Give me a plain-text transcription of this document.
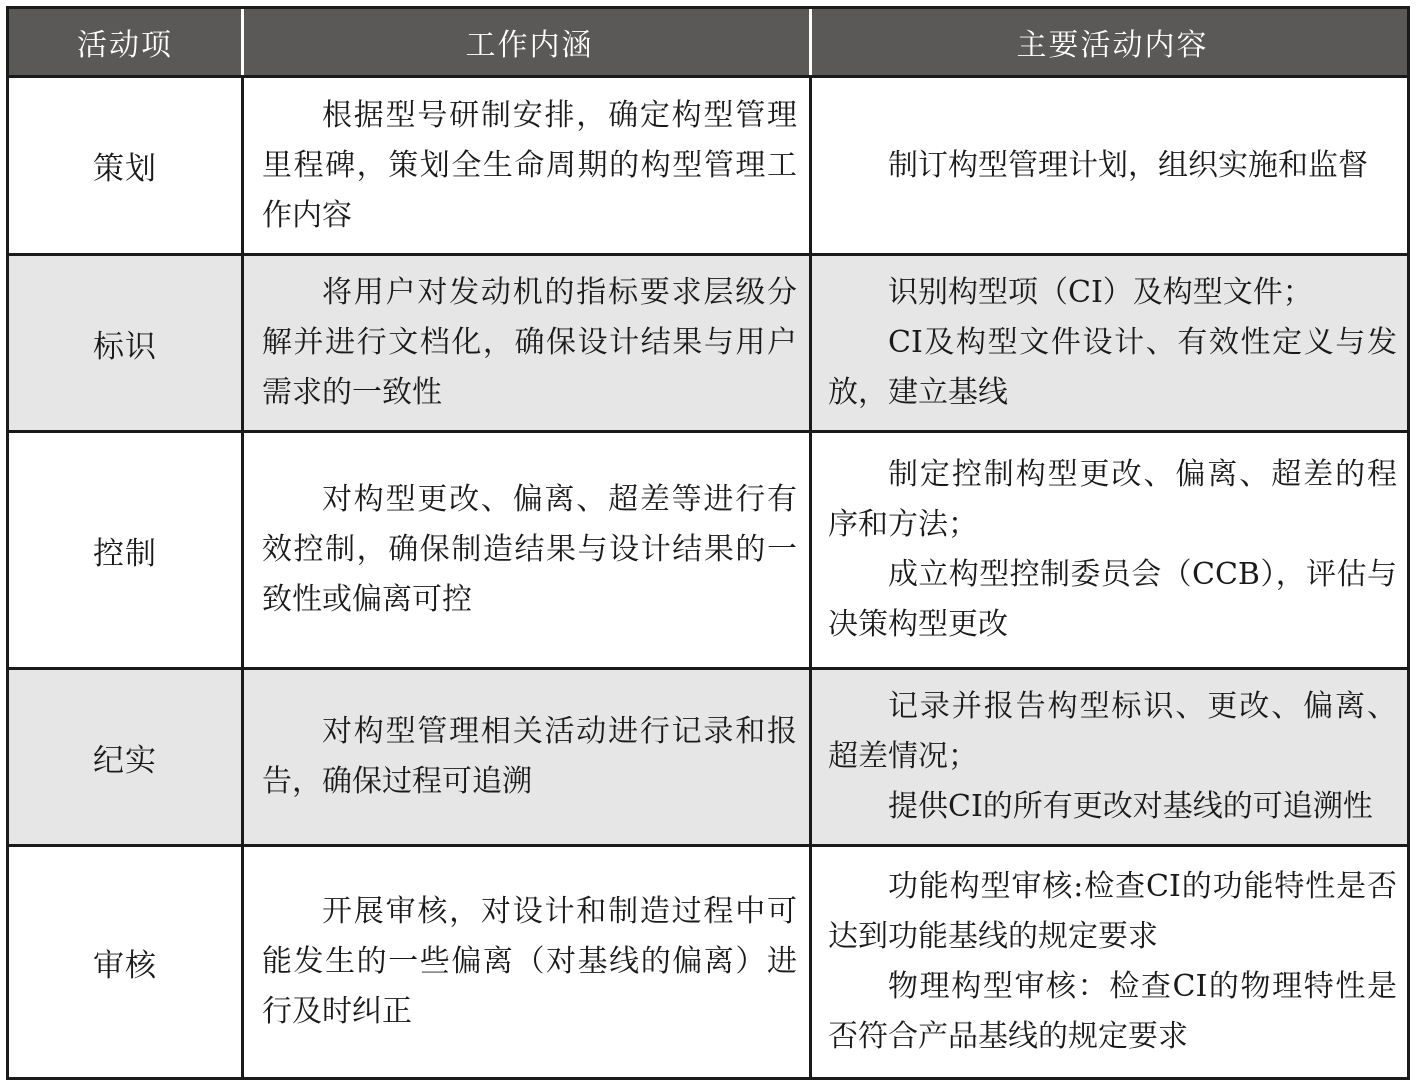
活动项	工作内涵	主要活动内容
策划

根据型号研制安排，确定构型管理里程碑，策划全生命周期的构型管理工作内容

制订构型管理计划，组织实施和监督

标识

将用户对发动机的指标要求层级分解并进行文档化，确保设计结果与用户需求的一致性

识别构型项（CI）及构型文件；

CI及构型文件设计、有效性定义与发放，建立基线

控制

对构型更改、偏离、超差等进行有效控制，确保制造结果与设计结果的一致性或偏离可控

制定控制构型更改、偏离、超差的程序和方法；

成立构型控制委员会（CCB），评估与决策构型更改

纪实

对构型管理相关活动进行记录和报告，确保过程可追溯

记录并报告构型标识、更改、偏离、超差情况；

提供CI的所有更改对基线的可追溯性

审核

开展审核，对设计和制造过程中可能发生的一些偏离（对基线的偏离）进行及时纠正

功能构型审核:检查CI的功能特性是否达到功能基线的规定要求

物理构型审核：检查CI的物理特性是否符合产品基线的规定要求
